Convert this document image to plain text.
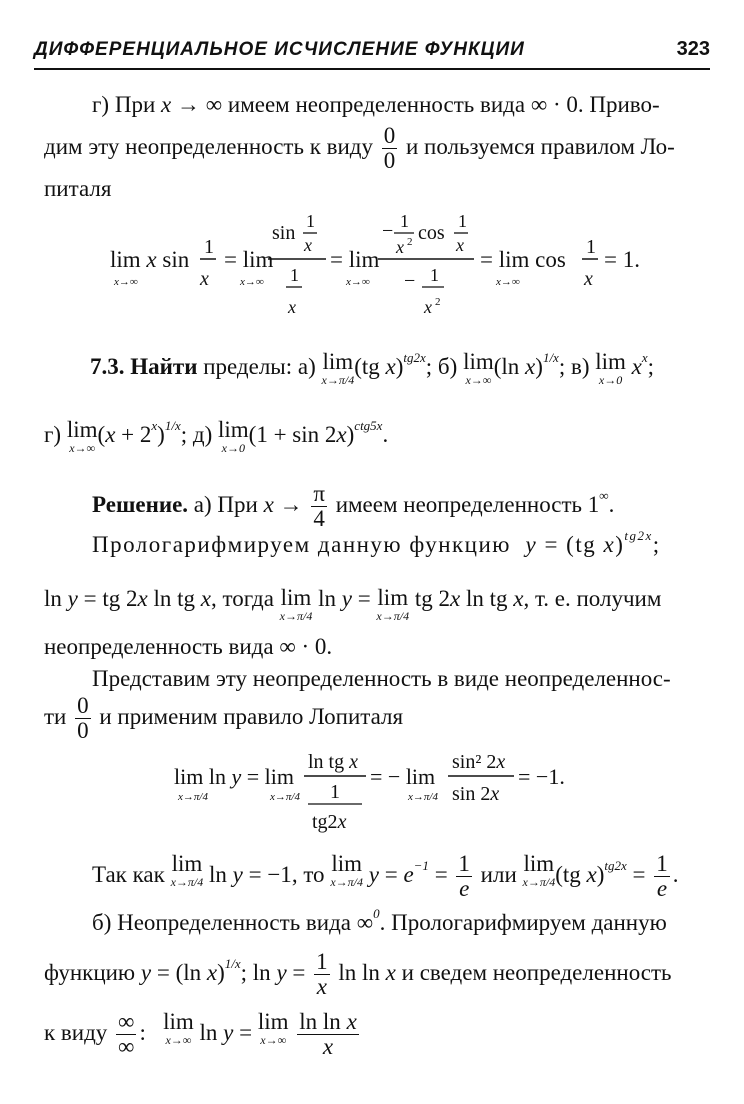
ДИФФЕРЕНЦИАЛЬНОЕ ИСЧИСЛЕНИЕ ФУНКЦИИ	323
г) При x → ∞ имеем неопределенность вида ∞ · 0. Приво-
дим эту неопределенность к виду $\frac{0}{0}$ и пользуемся правилом Ло-
питаля
lim x sin
x→∞
1
x
= lim
x→∞
sin
1
x
1
x
= lim
x→∞
− 1
x 2 cos
1
x
− 1
x 2
= lim cos
x→∞
1
x
= 1.
7.3. Найти пределы: а) lim
x→π/4
(tg x)$^{tg2x}$; б) lim
x→∞
(ln x)$^{1/x}$; в) lim
x→0
$x^x$;
г) lim
x→∞
$(x + 2^x)^{1/x}$; д) lim
x→0
$(1 + \sin 2x)^{ctg5x}$.
Решение. а) При $x \to \frac{\pi}{4}$ имеем неопределенность 1∞.
Прологарифмируем данную функцию y = (tg x)$^{tg2x}$;
ln y = tg 2x ln tg x, тогда lim
x→π/4
ln y = lim
x→π/4
tg 2x ln tg x, т. е. получим
неопределенность вида ∞ · 0.
Представим эту неопределенность в виде неопределеннос-
ти $\frac{0}{0}$ и применим правило Лопиталя
lim ln y = lim
x→π/4	x→π/4
ln tg x
1
tg2x
= − lim
x→π/4
sin² 2x
sin 2x
= −1.
Так как lim
x→π/4 ln y = −1, то lim
x→π/4 $y = e^{-1} = \frac{1}{e}$ или lim
x→π/4 (tg $x)^{tg2x} = \frac{1}{e}$ .
б) Неопределенность вида ∞$^0$. Прологарифмируем данную
функцию y = (ln x)$^{1/x}$; $\ln y = \frac{1}{x}$ ln ln x и сведем неопределенность
к виду $\frac{\infty}{\infty}$ :   lim
x→∞ ln y = lim
x→∞
$\frac{\text{ln ln x}}{x}$
